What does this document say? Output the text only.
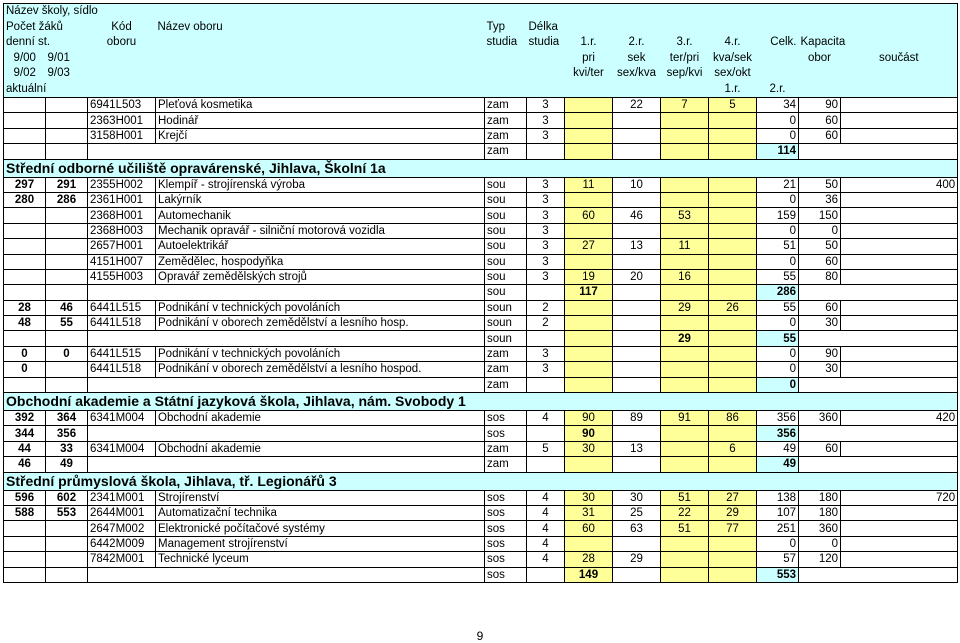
Název školy, sídlo												
Počet žáků		Kód	Název oboru	Typ	Délka							
denní st.		oboru		studia	studia	1.r.	2.r.	3.r.	4.r.	Celk.	Kapacita	
9/00	9/01					pri	sek	ter/pri	kva/sek		obor	součást
9/02	9/03					kvi/ter	sex/kva	sep/kvi	sex/okt			
aktuální									1.r.	2.r.		
		6941L503	Pleťová kosmetika	zam	3		22	7	5	34	90	
		2363H001	Hodinář	zam	3					0	60	
		3158H001	Krejčí	zam	3					0	60	
				zam						114		
Střední odborné učiliště opravárenské, Jihlava, Školní 1a												
297	291	2355H002	Klempíř - strojírenská výroba	sou	3	11	10			21	50	400
280	286	2361H001	Lakýrník	sou	3					0	36	
		2368H001	Automechanik	sou	3	60	46	53		159	150	
		2368H003	Mechanik opravář - silniční motorová vozidla	sou	3					0	0	
		2657H001	Autoelektrikář	sou	3	27	13	11		51	50	
		4151H007	Zemědělec, hospodyňka	sou	3					0	60	
		4155H003	Opravář zemědělských strojů	sou	3	19	20	16		55	80	
				sou		117				286		
28	46	6441L515	Podnikání v technických povoláních	soun	2			29	26	55	60	
48	55	6441L518	Podnikání v oborech zemědělství a lesního hosp.	soun	2					0	30	
				soun				29		55		
0	0	6441L515	Podnikání v technických povoláních	zam	3					0	90	
0		6441L518	Podnikání v oborech zemědělství a lesního hospod.	zam	3					0	30	
				zam						0		
Obchodní akademie a Státní jazyková škola, Jihlava, nám. Svobody 1												
392	364	6341M004	Obchodní akademie	sos	4	90	89	91	86	356	360	420
344	356			sos		90				356		
44	33	6341M004	Obchodní akademie	zam	5	30	13		6	49	60	
46	49			zam						49		
Střední průmyslová škola, Jihlava, tř. Legionářů 3												
596	602	2341M001	Strojírenství	sos	4	30	30	51	27	138	180	720
588	553	2644M001	Automatizační technika	sos	4	31	25	22	29	107	180	
		2647M002	Elektronické počítačové systémy	sos	4	60	63	51	77	251	360	
		6442M009	Management strojírenství	sos	4					0	0	
		7842M001	Technické lyceum	sos	4	28	29			57	120	
				sos		149				553		
9
